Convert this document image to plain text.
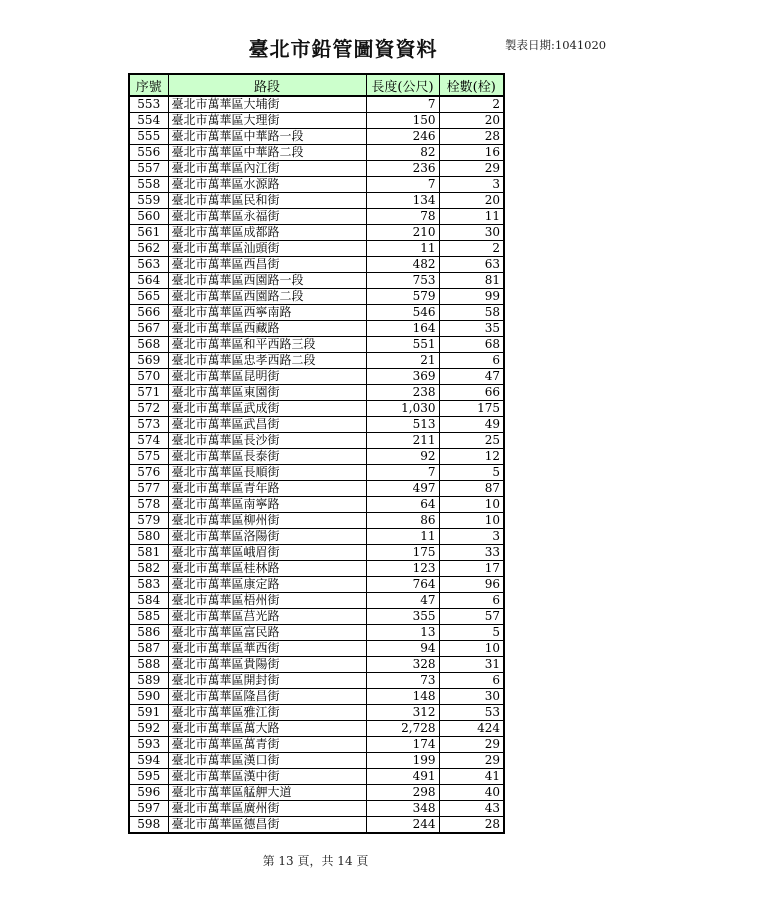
臺北市鉛管圖資資料	製表日期:1041020
序號	路段	長度(公尺)	栓數(栓)
553	臺北市萬華區大埔街	7	2
554	臺北市萬華區大理街	150	20
555	臺北市萬華區中華路一段	246	28
556	臺北市萬華區中華路二段	82	16
557	臺北市萬華區內江街	236	29
558	臺北市萬華區水源路	7	3
559	臺北市萬華區民和街	134	20
560	臺北市萬華區永福街	78	11
561	臺北市萬華區成都路	210	30
562	臺北市萬華區汕頭街	11	2
563	臺北市萬華區西昌街	482	63
564	臺北市萬華區西園路一段	753	81
565	臺北市萬華區西園路二段	579	99
566	臺北市萬華區西寧南路	546	58
567	臺北市萬華區西藏路	164	35
568	臺北市萬華區和平西路三段	551	68
569	臺北市萬華區忠孝西路二段	21	6
570	臺北市萬華區昆明街	369	47
571	臺北市萬華區東園街	238	66
572	臺北市萬華區武成街	1,030	175
573	臺北市萬華區武昌街	513	49
574	臺北市萬華區長沙街	211	25
575	臺北市萬華區長泰街	92	12
576	臺北市萬華區長順街	7	5
577	臺北市萬華區青年路	497	87
578	臺北市萬華區南寧路	64	10
579	臺北市萬華區柳州街	86	10
580	臺北市萬華區洛陽街	11	3
581	臺北市萬華區峨眉街	175	33
582	臺北市萬華區桂林路	123	17
583	臺北市萬華區康定路	764	96
584	臺北市萬華區梧州街	47	6
585	臺北市萬華區莒光路	355	57
586	臺北市萬華區富民路	13	5
587	臺北市萬華區華西街	94	10
588	臺北市萬華區貴陽街	328	31
589	臺北市萬華區開封街	73	6
590	臺北市萬華區隆昌街	148	30
591	臺北市萬華區雅江街	312	53
592	臺北市萬華區萬大路	2,728	424
593	臺北市萬華區萬青街	174	29
594	臺北市萬華區漢口街	199	29
595	臺北市萬華區漢中街	491	41
596	臺北市萬華區艋舺大道	298	40
597	臺北市萬華區廣州街	348	43
598	臺北市萬華區德昌街	244	28
第 13 頁，共 14 頁
